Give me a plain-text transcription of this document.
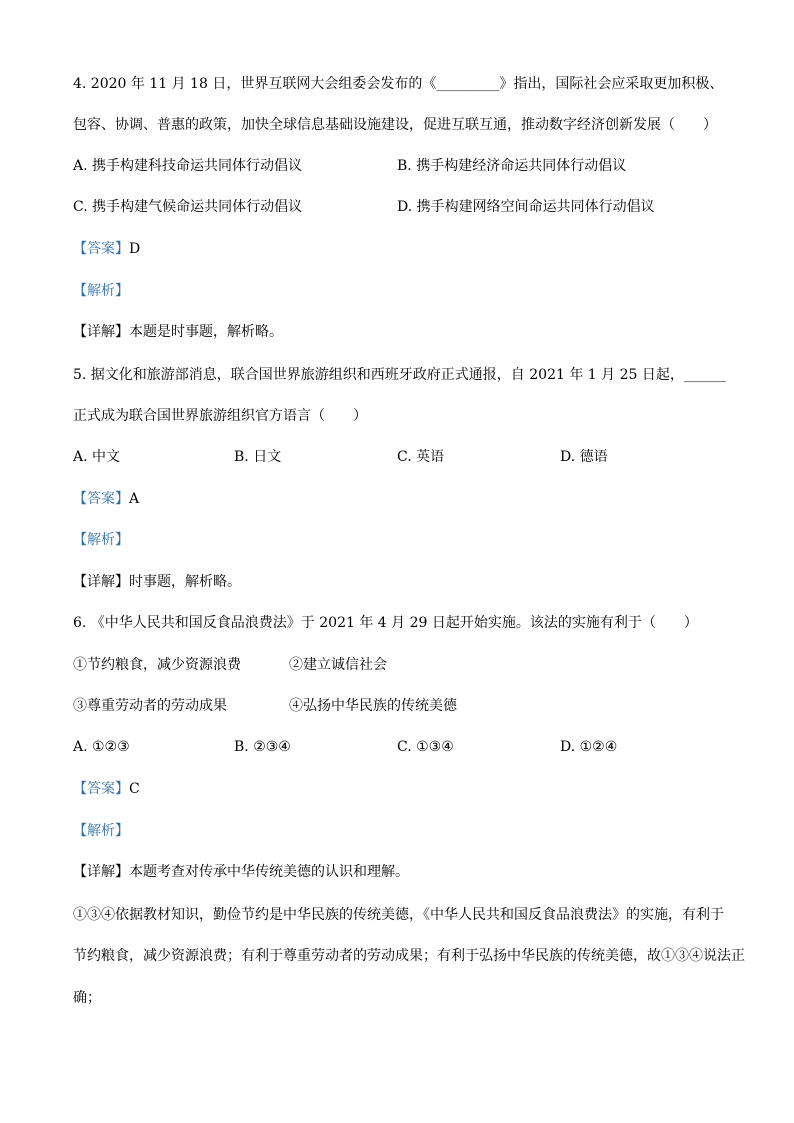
4. 2020 年 11 月 18 日，世界互联网大会组委会发布的《_________》指出，国际社会应采取更加积极、
包容、协调、普惠的政策，加快全球信息基础设施建设，促进互联互通，推动数字经济创新发展（　　）
A. 携手构建科技命运共同体行动倡议	B. 携手构建经济命运共同体行动倡议
C. 携手构建气候命运共同体行动倡议	D. 携手构建网络空间命运共同体行动倡议
【答案】D
【解析】
【详解】本题是时事题，解析略。
5. 据文化和旅游部消息，联合国世界旅游组织和西班牙政府正式通报，自 2021 年 1 月 25 日起，______
正式成为联合国世界旅游组织官方语言（　　）
A. 中文	B. 日文	C. 英语	D. 德语
【答案】A
【解析】
【详解】时事题，解析略。
6. 《中华人民共和国反食品浪费法》于 2021 年 4 月 29 日起开始实施。该法的实施有利于（　　）
①节约粮食，减少资源浪费	②建立诚信社会
③尊重劳动者的劳动成果	④弘扬中华民族的传统美德
A. ①②③	B. ②③④	C. ①③④	D. ①②④
【答案】C
【解析】
【详解】本题考查对传承中华传统美德的认识和理解。
①③④依据教材知识，勤俭节约是中华民族的传统美德，《中华人民共和国反食品浪费法》的实施，有利于
节约粮食，减少资源浪费；有利于尊重劳动者的劳动成果；有利于弘扬中华民族的传统美德，故①③④说法正
确；
